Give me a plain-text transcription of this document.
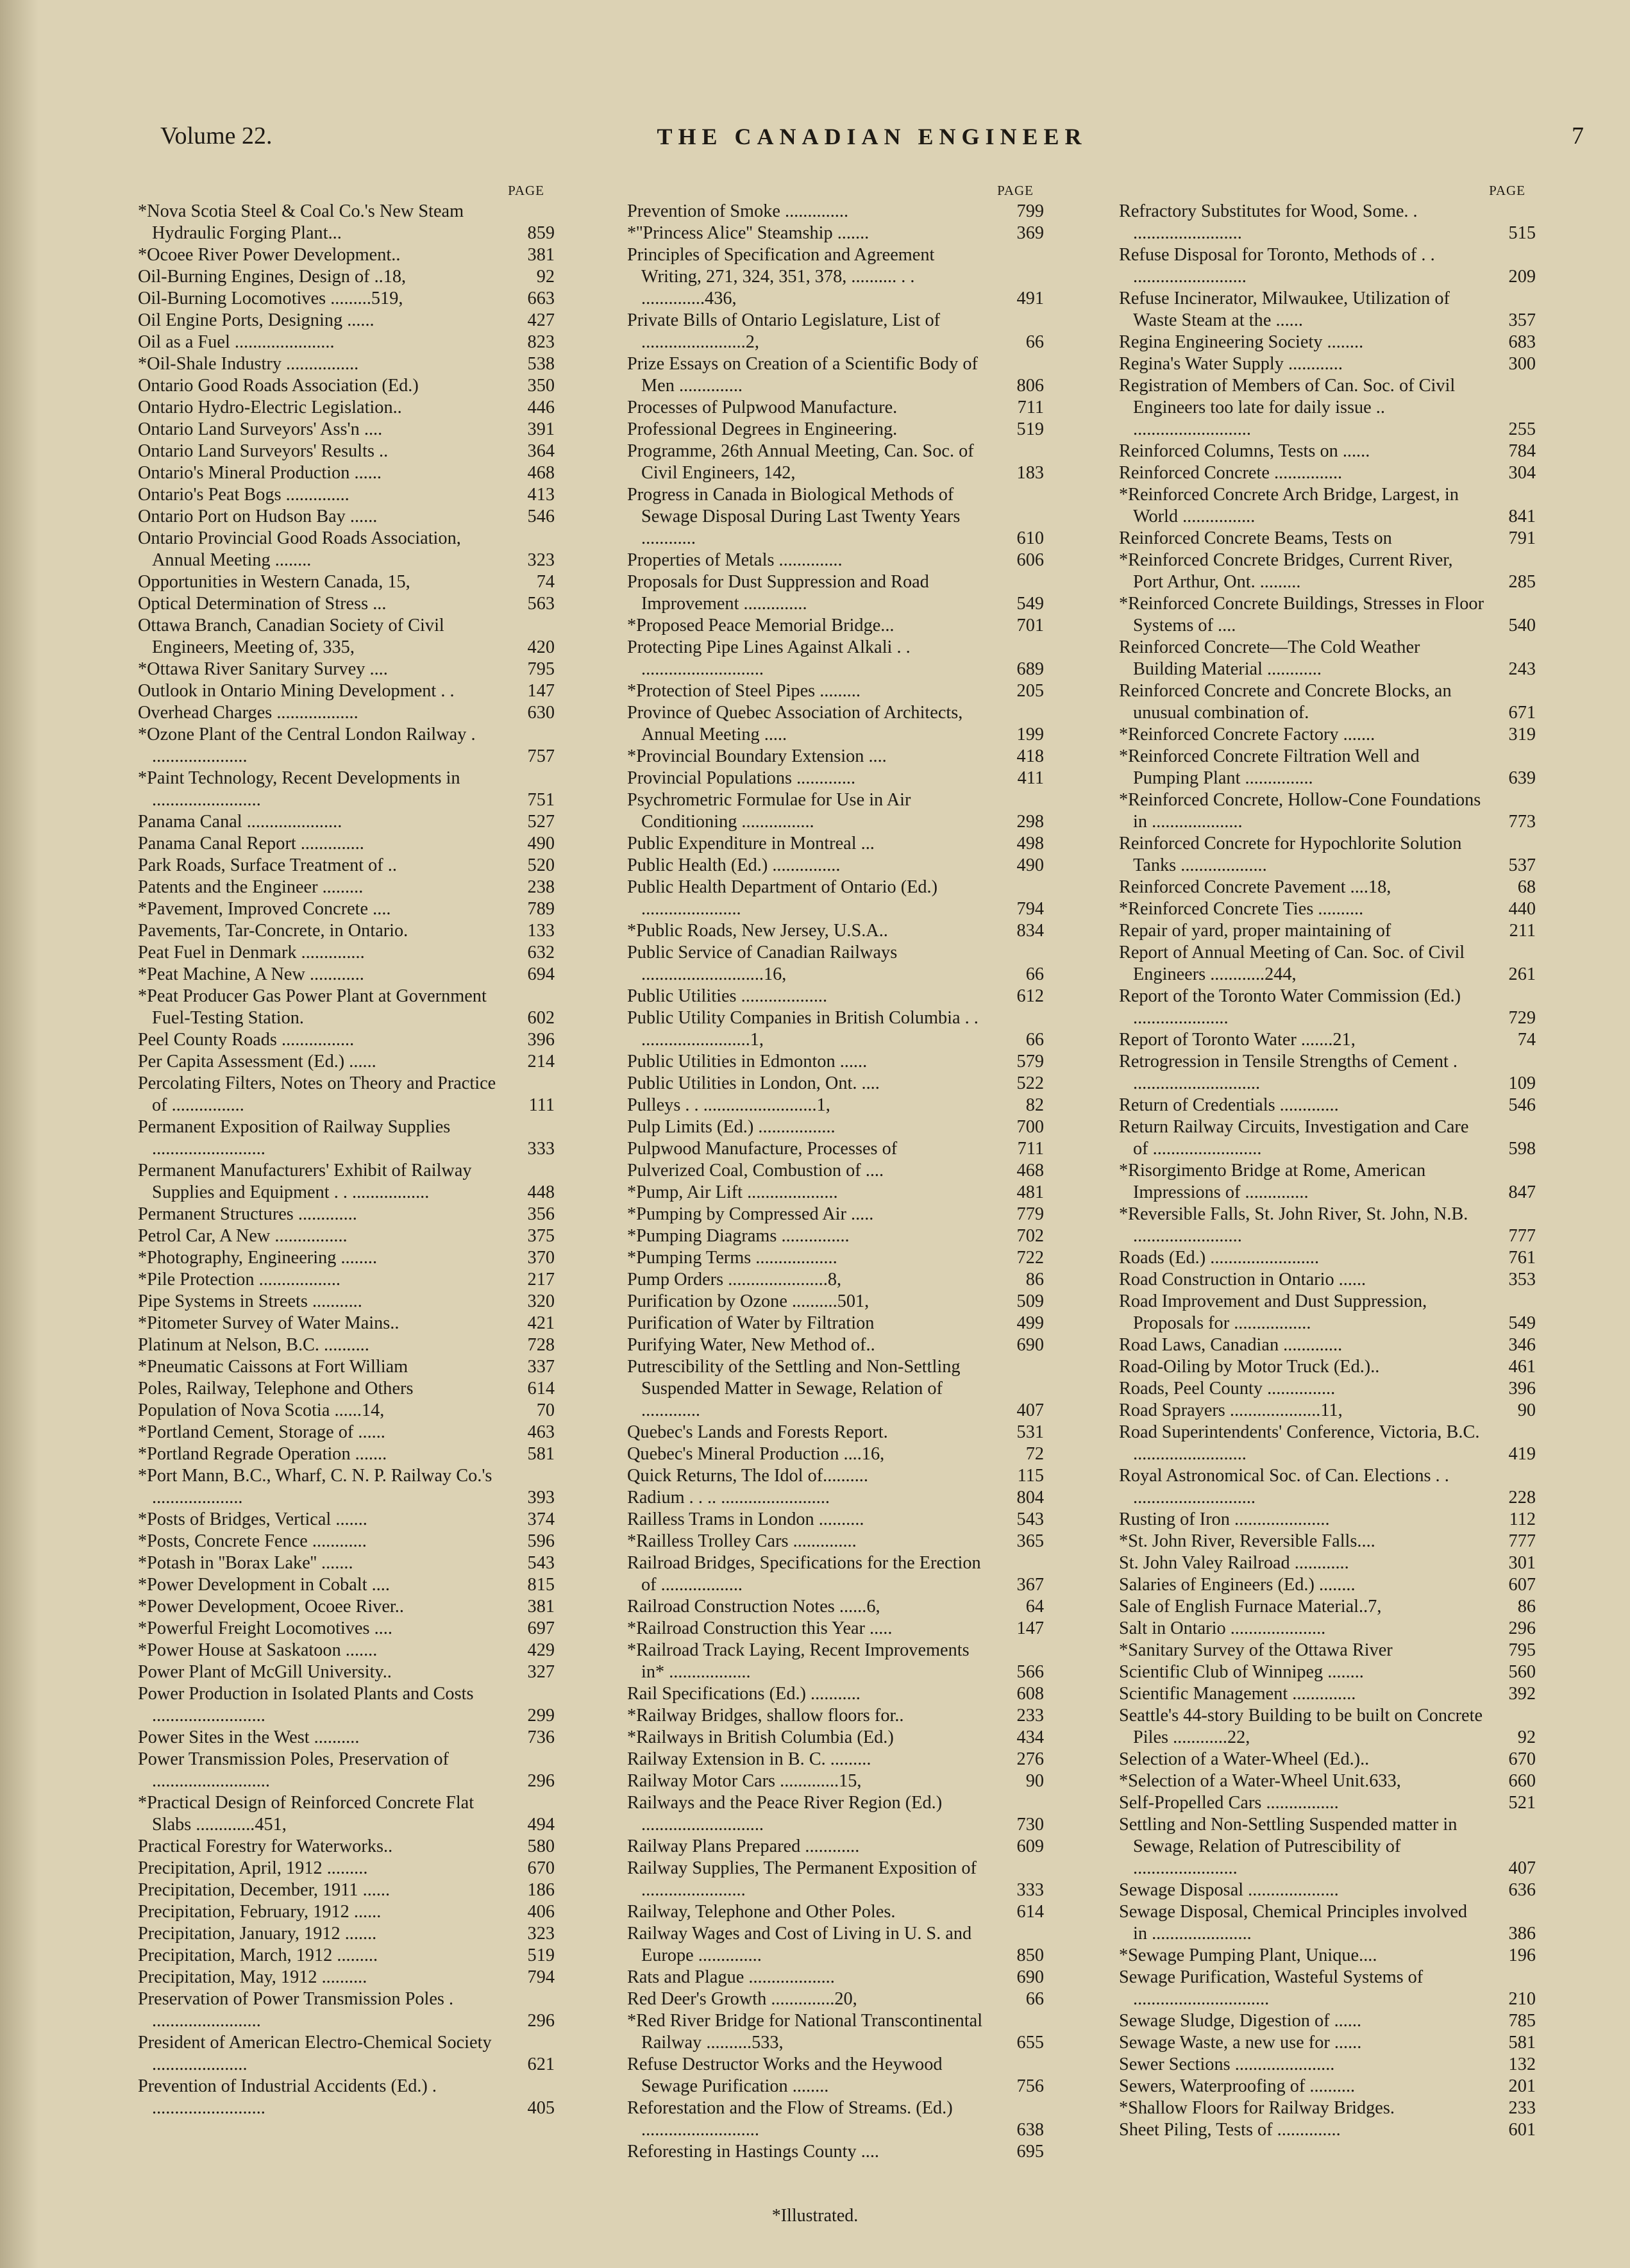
Volume 22.	THE CANADIAN ENGINEER	7
PAGE
*Nova Scotia Steel & Coal Co.'s New Steam Hydraulic Forging Plant...	859
*Ocoee River Power Development..	381
Oil-Burning Engines, Design of ..18,	92
Oil-Burning Locomotives .........519,	663
Oil Engine Ports, Designing ......	427
Oil as a Fuel ......................	823
*Oil-Shale Industry ................	538
Ontario Good Roads Association (Ed.)	350
Ontario Hydro-Electric Legislation..	446
Ontario Land Surveyors' Ass'n ....	391
Ontario Land Surveyors' Results ..	364
Ontario's Mineral Production ......	468
Ontario's Peat Bogs ..............	413
Ontario Port on Hudson Bay ......	546
Ontario Provincial Good Roads Association, Annual Meeting ........	323
Opportunities in Western Canada, 15,	74
Optical Determination of Stress ...	563
Ottawa Branch, Canadian Society of Civil Engineers, Meeting of, 335,	420
*Ottawa River Sanitary Survey ....	795
Outlook in Ontario Mining Development . .	147
Overhead Charges ..................	630
*Ozone Plant of the Central London Railway . .....................	757
*Paint Technology, Recent Developments in ........................	751
Panama Canal .....................	527
Panama Canal Report ..............	490
Park Roads, Surface Treatment of ..	520
Patents and the Engineer .........	238
*Pavement, Improved Concrete ....	789
Pavements, Tar-Concrete, in Ontario.	133
Peat Fuel in Denmark ..............	632
*Peat Machine, A New ............	694
*Peat Producer Gas Power Plant at Government Fuel-Testing Station.	602
Peel County Roads ................	396
Per Capita Assessment (Ed.) ......	214
Percolating Filters, Notes on Theory and Practice of ................	111
Permanent Exposition of Railway Supplies .........................	333
Permanent Manufacturers' Exhibit of Railway Supplies and Equipment . . .................	448
Permanent Structures .............	356
Petrol Car, A New ................	375
*Photography, Engineering ........	370
*Pile Protection ..................	217
Pipe Systems in Streets ...........	320
*Pitometer Survey of Water Mains..	421
Platinum at Nelson, B.C. ..........	728
*Pneumatic Caissons at Fort William	337
Poles, Railway, Telephone and Others	614
Population of Nova Scotia ......14,	70
*Portland Cement, Storage of ......	463
*Portland Regrade Operation .......	581
*Port Mann, B.C., Wharf, C. N. P. Railway Co.'s ....................	393
*Posts of Bridges, Vertical .......	374
*Posts, Concrete Fence ............	596
*Potash in ''Borax Lake'' .......	543
*Power Development in Cobalt ....	815
*Power Development, Ocoee River..	381
*Powerful Freight Locomotives ....	697
*Power House at Saskatoon .......	429
Power Plant of McGill University..	327
Power Production in Isolated Plants and Costs .........................	299
Power Sites in the West ..........	736
Power Transmission Poles, Preservation of ..........................	296
*Practical Design of Reinforced Concrete Flat Slabs .............451,	494
Practical Forestry for Waterworks..	580
Precipitation, April, 1912 .........	670
Precipitation, December, 1911 ......	186
Precipitation, February, 1912 ......	406
Precipitation, January, 1912 .......	323
Precipitation, March, 1912 .........	519
Precipitation, May, 1912 ..........	794
Preservation of Power Transmission Poles . ........................	296
President of American Electro-Chemical Society .....................	621
Prevention of Industrial Accidents (Ed.) . .........................	405
PAGE
Prevention of Smoke ..............	799
*''Princess Alice'' Steamship .......	369
Principles of Specification and Agreement Writing, 271, 324, 351, 378, .......... . . ..............436,	491
Private Bills of Ontario Legislature, List of .......................2,	66
Prize Essays on Creation of a Scientific Body of Men ..............	806
Processes of Pulpwood Manufacture.	711
Professional Degrees in Engineering.	519
Programme, 26th Annual Meeting, Can. Soc. of Civil Engineers, 142,	183
Progress in Canada in Biological Methods of Sewage Disposal During Last Twenty Years ............	610
Properties of Metals ..............	606
Proposals for Dust Suppression and Road Improvement ..............	549
*Proposed Peace Memorial Bridge...	701
Protecting Pipe Lines Against Alkali . . ...........................	689
*Protection of Steel Pipes .........	205
Province of Quebec Association of Architects, Annual Meeting .....	199
*Provincial Boundary Extension ....	418
Provincial Populations .............	411
Psychrometric Formulae for Use in Air Conditioning ................	298
Public Expenditure in Montreal ...	498
Public Health (Ed.) ...............	490
Public Health Department of Ontario (Ed.) ......................	794
*Public Roads, New Jersey, U.S.A..	834
Public Service of Canadian Railways ...........................16,	66
Public Utilities ...................	612
Public Utility Companies in British Columbia . . ........................1,	66
Public Utilities in Edmonton ......	579
Public Utilities in London, Ont. ....	522
Pulleys . . .........................1,	82
Pulp Limits (Ed.) .................	700
Pulpwood Manufacture, Processes of	711
Pulverized Coal, Combustion of ....	468
*Pump, Air Lift ....................	481
*Pumping by Compressed Air .....	779
*Pumping Diagrams ...............	702
*Pumping Terms ..................	722
Pump Orders ......................8,	86
Purification by Ozone ..........501,	509
Purification of Water by Filtration	499
Purifying Water, New Method of..	690
Putrescibility of the Settling and Non-Settling Suspended Matter in Sewage, Relation of .............	407
Quebec's Lands and Forests Report.	531
Quebec's Mineral Production ....16,	72
Quick Returns, The Idol of..........	115
Radium . . .. ........................	804
Railless Trams in London ..........	543
*Railless Trolley Cars ..............	365
Railroad Bridges, Specifications for the Erection of ..................	367
Railroad Construction Notes ......6,	64
*Railroad Construction this Year .....	147
*Railroad Track Laying, Recent Improvements in* ..................	566
Rail Specifications (Ed.) ...........	608
*Railway Bridges, shallow floors for..	233
*Railways in British Columbia (Ed.)	434
Railway Extension in B. C. .........	276
Railway Motor Cars .............15,	90
Railways and the Peace River Region (Ed.) ...........................	730
Railway Plans Prepared ............	609
Railway Supplies, The Permanent Exposition of .......................	333
Railway, Telephone and Other Poles.	614
Railway Wages and Cost of Living in U. S. and Europe ..............	850
Rats and Plague ...................	690
Red Deer's Growth ..............20,	66
*Red River Bridge for National Transcontinental Railway ..........533,	655
Refuse Destructor Works and the Heywood Sewage Purification ........	756
Reforestation and the Flow of Streams. (Ed.) ..........................	638
Reforesting in Hastings County ....	695
PAGE
Refractory Substitutes for Wood, Some. . ........................	515
Refuse Disposal for Toronto, Methods of . . .........................	209
Refuse Incinerator, Milwaukee, Utilization of Waste Steam at the ......	357
Regina Engineering Society ........	683
Regina's Water Supply ............	300
Registration of Members of Can. Soc. of Civil Engineers too late for daily issue .. ..........................	255
Reinforced Columns, Tests on ......	784
Reinforced Concrete ...............	304
*Reinforced Concrete Arch Bridge, Largest, in World ................	841
Reinforced Concrete Beams, Tests on	791
*Reinforced Concrete Bridges, Current River, Port Arthur, Ont. .........	285
*Reinforced Concrete Buildings, Stresses in Floor Systems of ....	540
Reinforced Concrete—The Cold Weather Building Material ............	243
Reinforced Concrete and Concrete Blocks, an unusual combination of.	671
*Reinforced Concrete Factory .......	319
*Reinforced Concrete Filtration Well and Pumping Plant ...............	639
*Reinforced Concrete, Hollow-Cone Foundations in ....................	773
Reinforced Concrete for Hypochlorite Solution Tanks ...................	537
Reinforced Concrete Pavement ....18,	68
*Reinforced Concrete Ties ..........	440
Repair of yard, proper maintaining of	211
Report of Annual Meeting of Can. Soc. of Civil Engineers ............244,	261
Report of the Toronto Water Commission (Ed.) .....................	729
Report of Toronto Water .......21,	74
Retrogression in Tensile Strengths of Cement . ............................	109
Return of Credentials .............	546
Return Railway Circuits, Investigation and Care of ........................	598
*Risorgimento Bridge at Rome, American Impressions of ..............	847
*Reversible Falls, St. John River, St. John, N.B. ........................	777
Roads (Ed.) ........................	761
Road Construction in Ontario ......	353
Road Improvement and Dust Suppression, Proposals for .................	549
Road Laws, Canadian .............	346
Road-Oiling by Motor Truck (Ed.)..	461
Roads, Peel County ...............	396
Road Sprayers ....................11,	90
Road Superintendents' Conference, Victoria, B.C. .........................	419
Royal Astronomical Soc. of Can. Elections . . ...........................	228
Rusting of Iron .....................	112
*St. John River, Reversible Falls....	777
St. John Valey Railroad ............	301
Salaries of Engineers (Ed.) ........	607
Sale of English Furnace Material..7,	86
Salt in Ontario .....................	296
*Sanitary Survey of the Ottawa River	795
Scientific Club of Winnipeg ........	560
Scientific Management ..............	392
Seattle's 44-story Building to be built on Concrete Piles ............22,	92
Selection of a Water-Wheel (Ed.)..	670
*Selection of a Water-Wheel Unit.633,	660
Self-Propelled Cars ................	521
Settling and Non-Settling Suspended matter in Sewage, Relation of Putrescibility of .......................	407
Sewage Disposal ....................	636
Sewage Disposal, Chemical Principles involved in ......................	386
*Sewage Pumping Plant, Unique....	196
Sewage Purification, Wasteful Systems of ..............................	210
Sewage Sludge, Digestion of ......	785
Sewage Waste, a new use for ......	581
Sewer Sections ......................	132
Sewers, Waterproofing of ..........	201
*Shallow Floors for Railway Bridges.	233
Sheet Piling, Tests of ..............	601
*Illustrated.
